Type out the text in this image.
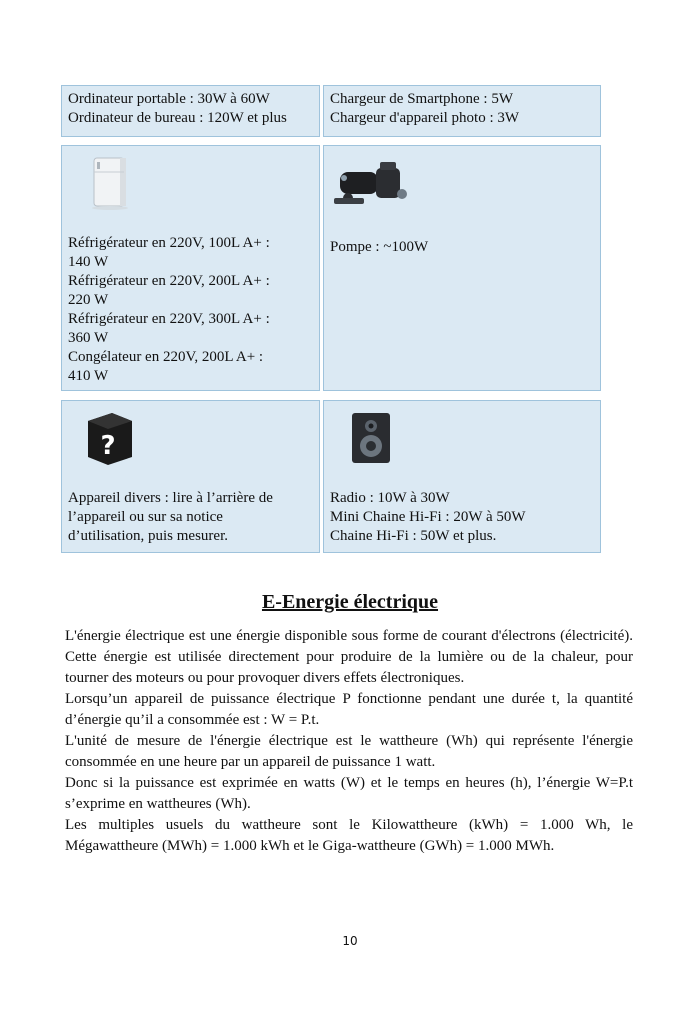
Ordinateur portable : 30W à 60W
Ordinateur de bureau : 120W et plus
Chargeur de Smartphone : 5W
Chargeur d'appareil photo : 3W
Réfrigérateur en 220V, 100L A+ :
140 W
Réfrigérateur en 220V, 200L A+ :
220 W
Réfrigérateur en 220V, 300L A+ :
360 W
Congélateur en 220V, 200L A+ :
410 W
Pompe : ~100W
?
Appareil divers : lire à l’arrière de
l’appareil ou sur sa notice
d’utilisation, puis mesurer.
Radio : 10W à 30W
Mini Chaine Hi-Fi : 20W à 50W
Chaine Hi-Fi : 50W et plus.
E-Energie électrique

L'énergie électrique est une énergie disponible sous forme de courant d'électrons (électricité). Cette énergie est utilisée directement pour produire de la lumière ou de la chaleur, pour tourner des moteurs ou pour provoquer divers effets électroniques.

Lorsqu’un appareil de puissance électrique P fonctionne pendant une durée t, la quantité d’énergie qu’il a consommée est : W = P.t.

L'unité de mesure de l'énergie électrique est le wattheure (Wh) qui représente l'énergie consommée en une heure par un appareil de puissance 1 watt.

Donc si la puissance est exprimée en watts (W) et le temps en heures (h), l’énergie W=P.t s’exprime en wattheures (Wh).

Les multiples usuels du wattheure sont le Kilowattheure (kWh) = 1.000 Wh, le Mégawattheure (MWh) = 1.000 kWh et le Giga-wattheure (GWh) = 1.000 MWh.

10
